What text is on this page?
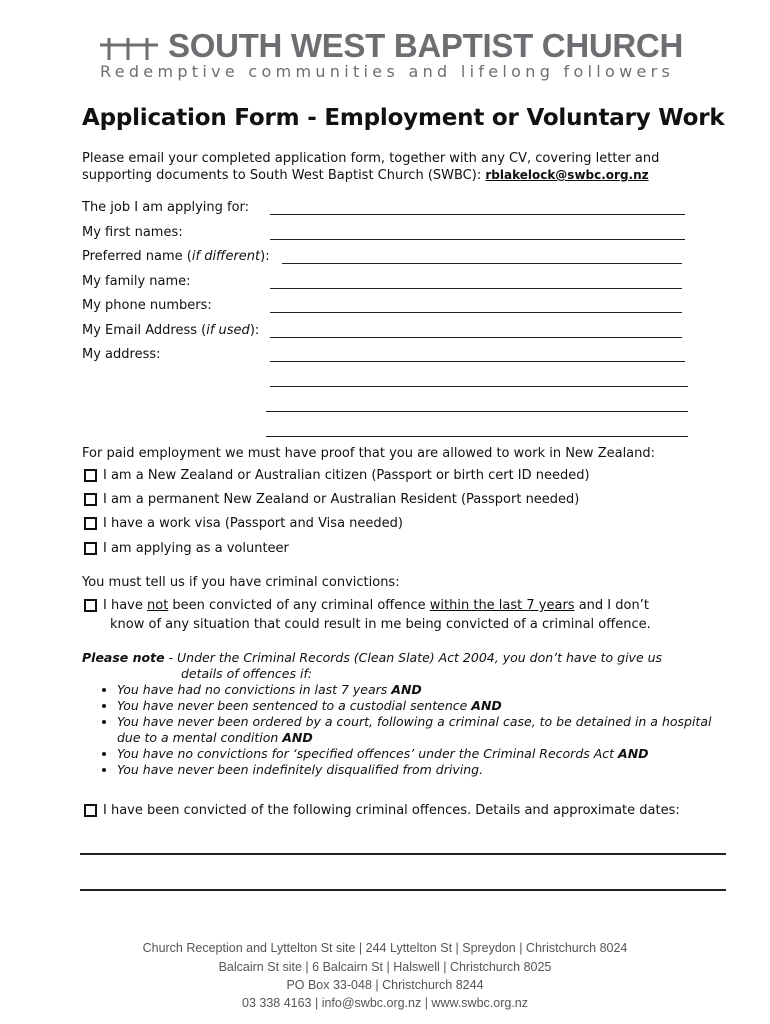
SOUTH WEST BAPTIST CHURCH
Redemptive communities and lifelong followers
Application Form - Employment or Voluntary Work
Please email your completed application form, together with any CV, covering letter and supporting documents to South West Baptist Church (SWBC): rblakelock@swbc.org.nz
The job I am applying for:
My first names:
Preferred name (if different):
My family name:
My phone numbers:
My Email Address (if used):
My address:
For paid employment we must have proof that you are allowed to work in New Zealand:
I am a New Zealand or Australian citizen (Passport or birth cert ID needed)
I am a permanent New Zealand or Australian Resident (Passport needed)
I have a work visa (Passport and Visa needed)
I am applying as a volunteer
You must tell us if you have criminal convictions:
I have not been convicted of any criminal offence within the last 7 years and I don’t
know of any situation that could result in me being convicted of a criminal offence.
Please note - Under the Criminal Records (Clean Slate) Act 2004, you don’t have to give us
details of offences if:
• You have had no convictions in last 7 years AND
• You have never been sentenced to a custodial sentence AND
• You have never been ordered by a court, following a criminal case, to be detained in a hospital due to a mental condition AND
• You have no convictions for ‘specified offences’ under the Criminal Records Act AND
• You have never been indefinitely disqualified from driving.
I have been convicted of the following criminal offences. Details and approximate dates:
Church Reception and Lyttelton St site | 244 Lyttelton St | Spreydon | Christchurch 8024
Balcairn St site | 6 Balcairn St | Halswell | Christchurch 8025
PO Box 33-048 | Christchurch 8244
03 338 4163 | info@swbc.org.nz | www.swbc.org.nz
